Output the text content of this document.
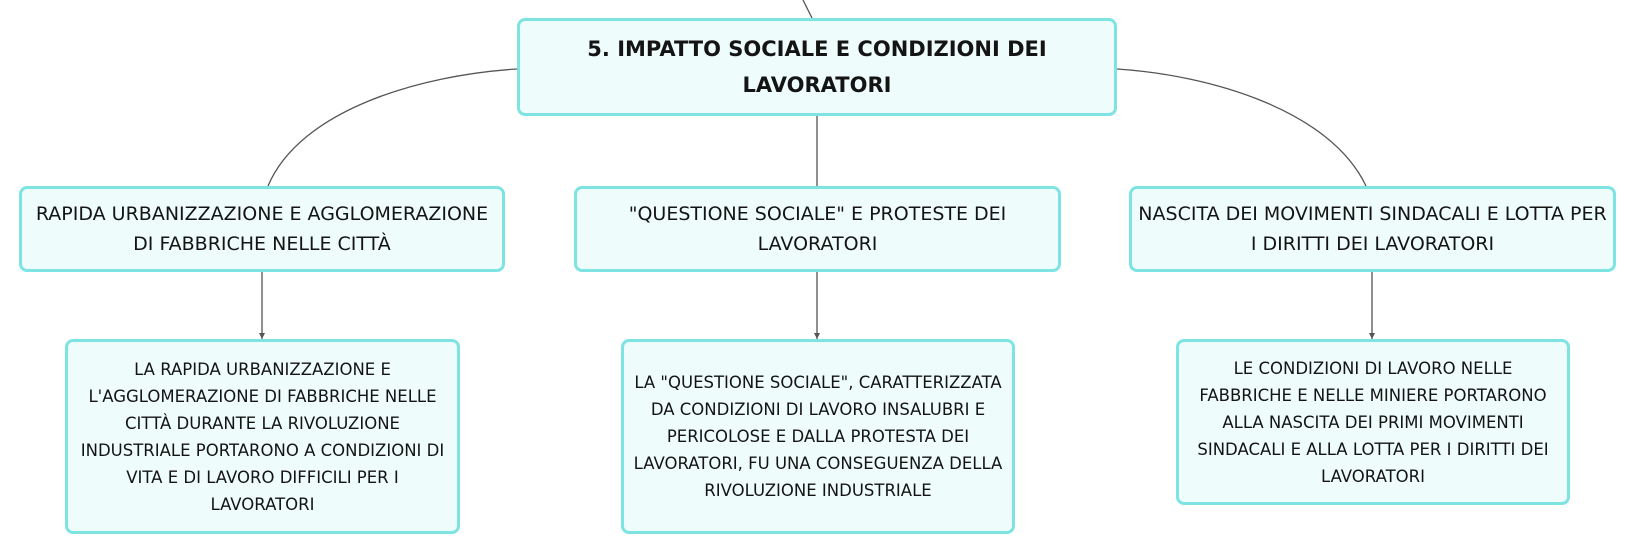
5. IMPATTO SOCIALE E CONDIZIONI DEI LAVORATORI
RAPIDA URBANIZZAZIONE E AGGLOMERAZIONE DI FABBRICHE NELLE CITTÀ
"QUESTIONE SOCIALE" E PROTESTE DEI LAVORATORI
NASCITA DEI MOVIMENTI SINDACALI E LOTTA PER I DIRITTI DEI LAVORATORI
LA RAPIDA URBANIZZAZIONE E L'AGGLOMERAZIONE DI FABBRICHE NELLE CITTÀ DURANTE LA RIVOLUZIONE INDUSTRIALE PORTARONO A CONDIZIONI DI VITA E DI LAVORO DIFFICILI PER I LAVORATORI
LA "QUESTIONE SOCIALE", CARATTERIZZATA DA CONDIZIONI DI LAVORO INSALUBRI E PERICOLOSE E DALLA PROTESTA DEI LAVORATORI, FU UNA CONSEGUENZA DELLA RIVOLUZIONE INDUSTRIALE
LE CONDIZIONI DI LAVORO NELLE FABBRICHE E NELLE MINIERE PORTARONO ALLA NASCITA DEI PRIMI MOVIMENTI SINDACALI E ALLA LOTTA PER I DIRITTI DEI LAVORATORI
